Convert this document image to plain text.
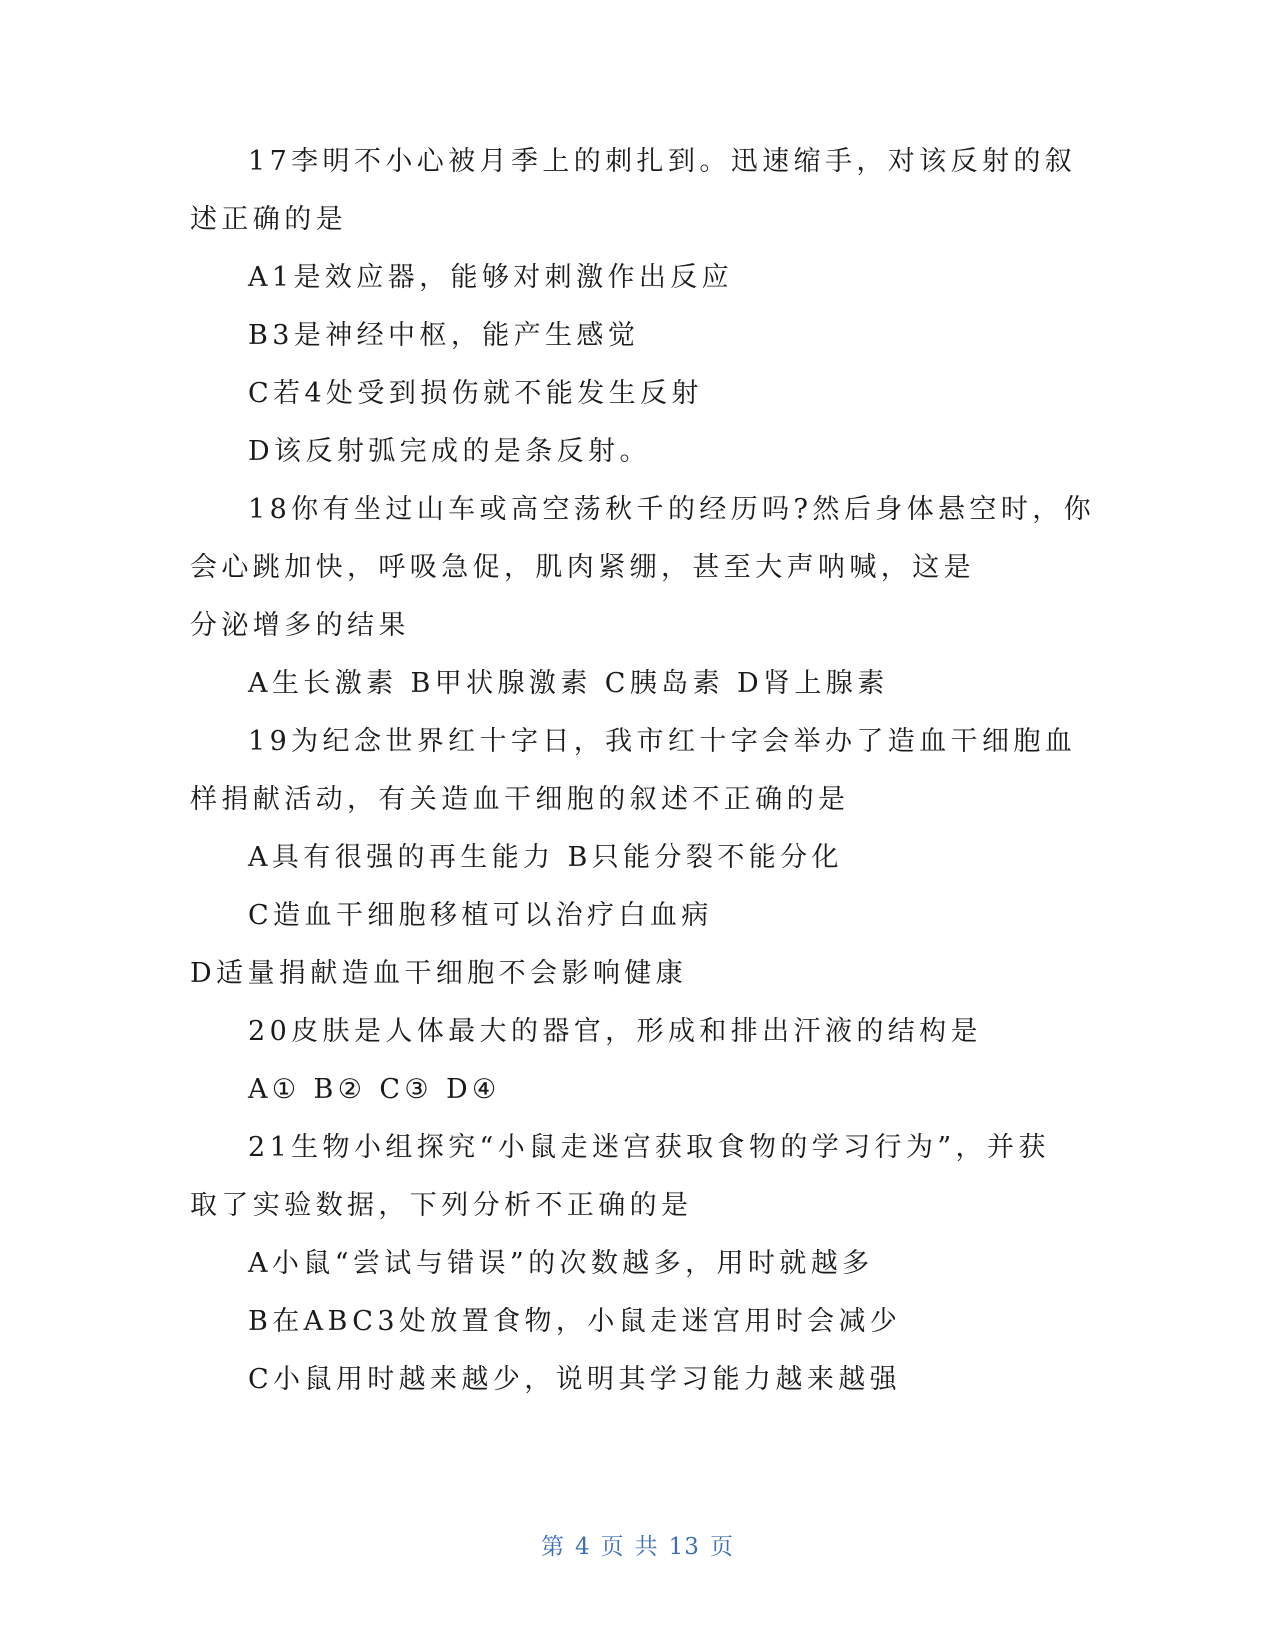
17李明不小心被月季上的刺扎到。迅速缩手，对该反射的叙
述正确的是
A1是效应器，能够对刺激作出反应
B3是神经中枢，能产生感觉
C若4处受到损伤就不能发生反射
D该反射弧完成的是条反射。
18你有坐过山车或高空荡秋千的经历吗?然后身体悬空时，你
会心跳加快，呼吸急促，肌肉紧绷，甚至大声呐喊，这是
分泌增多的结果
A生长激素 B甲状腺激素 C胰岛素 D肾上腺素
19为纪念世界红十字日，我市红十字会举办了造血干细胞血
样捐献活动，有关造血干细胞的叙述不正确的是
A具有很强的再生能力 B只能分裂不能分化
C造血干细胞移植可以治疗白血病
D适量捐献造血干细胞不会影响健康
20皮肤是人体最大的器官，形成和排出汗液的结构是
A① B② C③ D④
21生物小组探究“小鼠走迷宫获取食物的学习行为”，并获
取了实验数据，下列分析不正确的是
A小鼠“尝试与错误”的次数越多，用时就越多
B在ABC3处放置食物，小鼠走迷宫用时会减少
C小鼠用时越来越少，说明其学习能力越来越强
第 4 页 共 13 页
